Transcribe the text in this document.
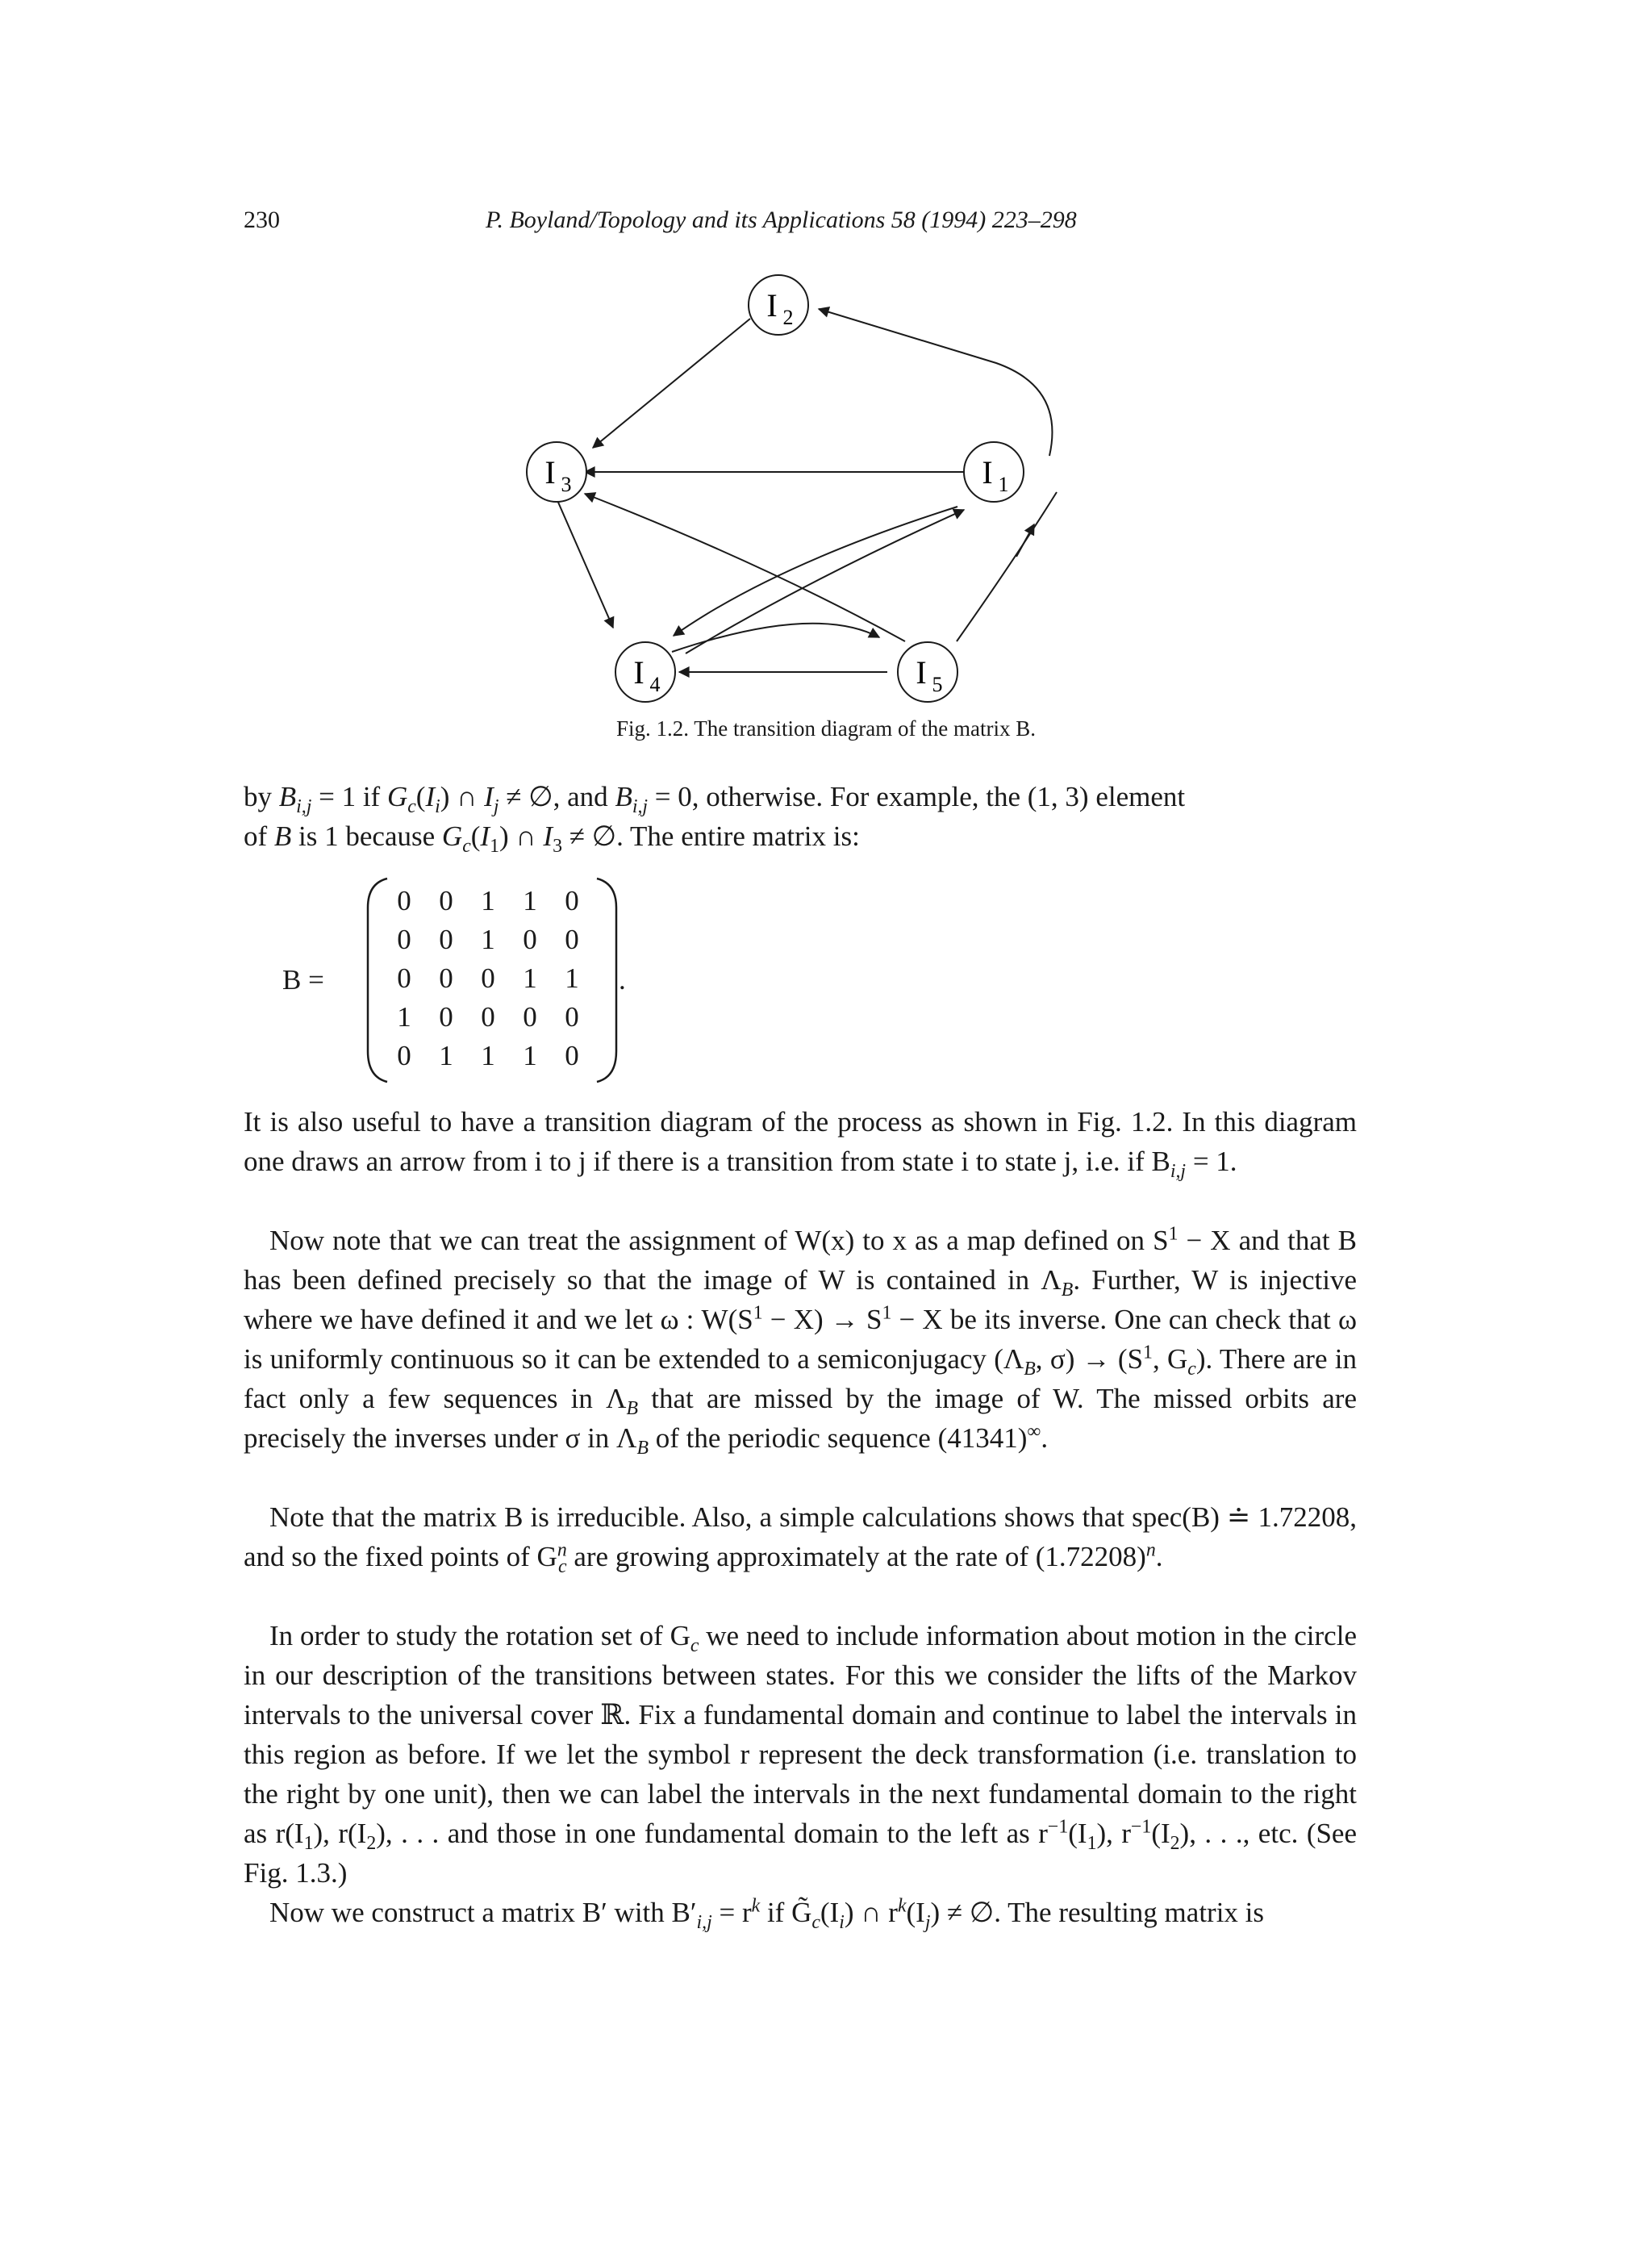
230	P. Boyland/Topology and its Applications 58 (1994) 223–298
I 2
I 3	I 1
I 4	I 5
Fig. 1.2. The transition diagram of the matrix B.

by $B_{i,j} = 1$ if $G_c(I_i)$ ∩ $I_j$ ≠ ∅, and $B_{i,j} = 0$, otherwise. For example, the (1, 3) element
of B is 1 because $G_c(I_1)$ ∩ $I_3$ ≠ ∅. The entire matrix is:

B =
0 0 1 1 0
0 0 1 0 0
0 0 0 1 1
1 0 0 0 0
0 1 1 1 0
.

It is also useful to have a transition diagram of the process as shown in Fig. 1.2. In this diagram one draws an arrow from i to j if there is a transition from state i to state j, i.e. if $B_{i,j} = 1$.

Now note that we can treat the assignment of W(x) to x as a map defined on $S^1 - X$ and that B has been defined precisely so that the image of W is contained in $\Lambda_B$. Further, W is injective where we have defined it and we let ω : $W(S^1 - X) \to S^1 - X$ be its inverse. One can check that ω is uniformly continuous so it can be extended to a semiconjugacy ($\Lambda_B$, $\sigma) \to (S^1$, $G_c$). There are in fact only a few sequences in $\Lambda_B$ that are missed by the image of W. The missed orbits are precisely the inverses under σ in $\Lambda_B$ of the periodic sequence (41341)∞.

Note that the matrix B is irreducible. Also, a simple calculations shows that spec(B) ≐ 1.72208, and so the fixed points of $G^n_c$ are growing approximately at the rate of $(1.72208)^n$.

In order to study the rotation set of $G_c$ we need to include information about motion in the circle in our description of the transitions between states. For this we consider the lifts of the Markov intervals to the universal cover ℝ. Fix a fundamental domain and continue to label the intervals in this region as before. If we let the symbol r represent the deck transformation (i.e. translation to the right by one unit), then we can label the intervals in the next fundamental domain to the right as $r(I_1)$, $r(I_2)$, . . . and those in one fundamental domain to the left as $r^{-1}(I_1)$, $r^{-1}(I_2)$, . . ., etc. (See Fig. 1.3.)

Now we construct a matrix B′ with $B'_{i,j} = r^k$ if $G̃_c(I_i)$ ∩ $r^k(I_j)$ ≠ ∅. The resulting matrix is
